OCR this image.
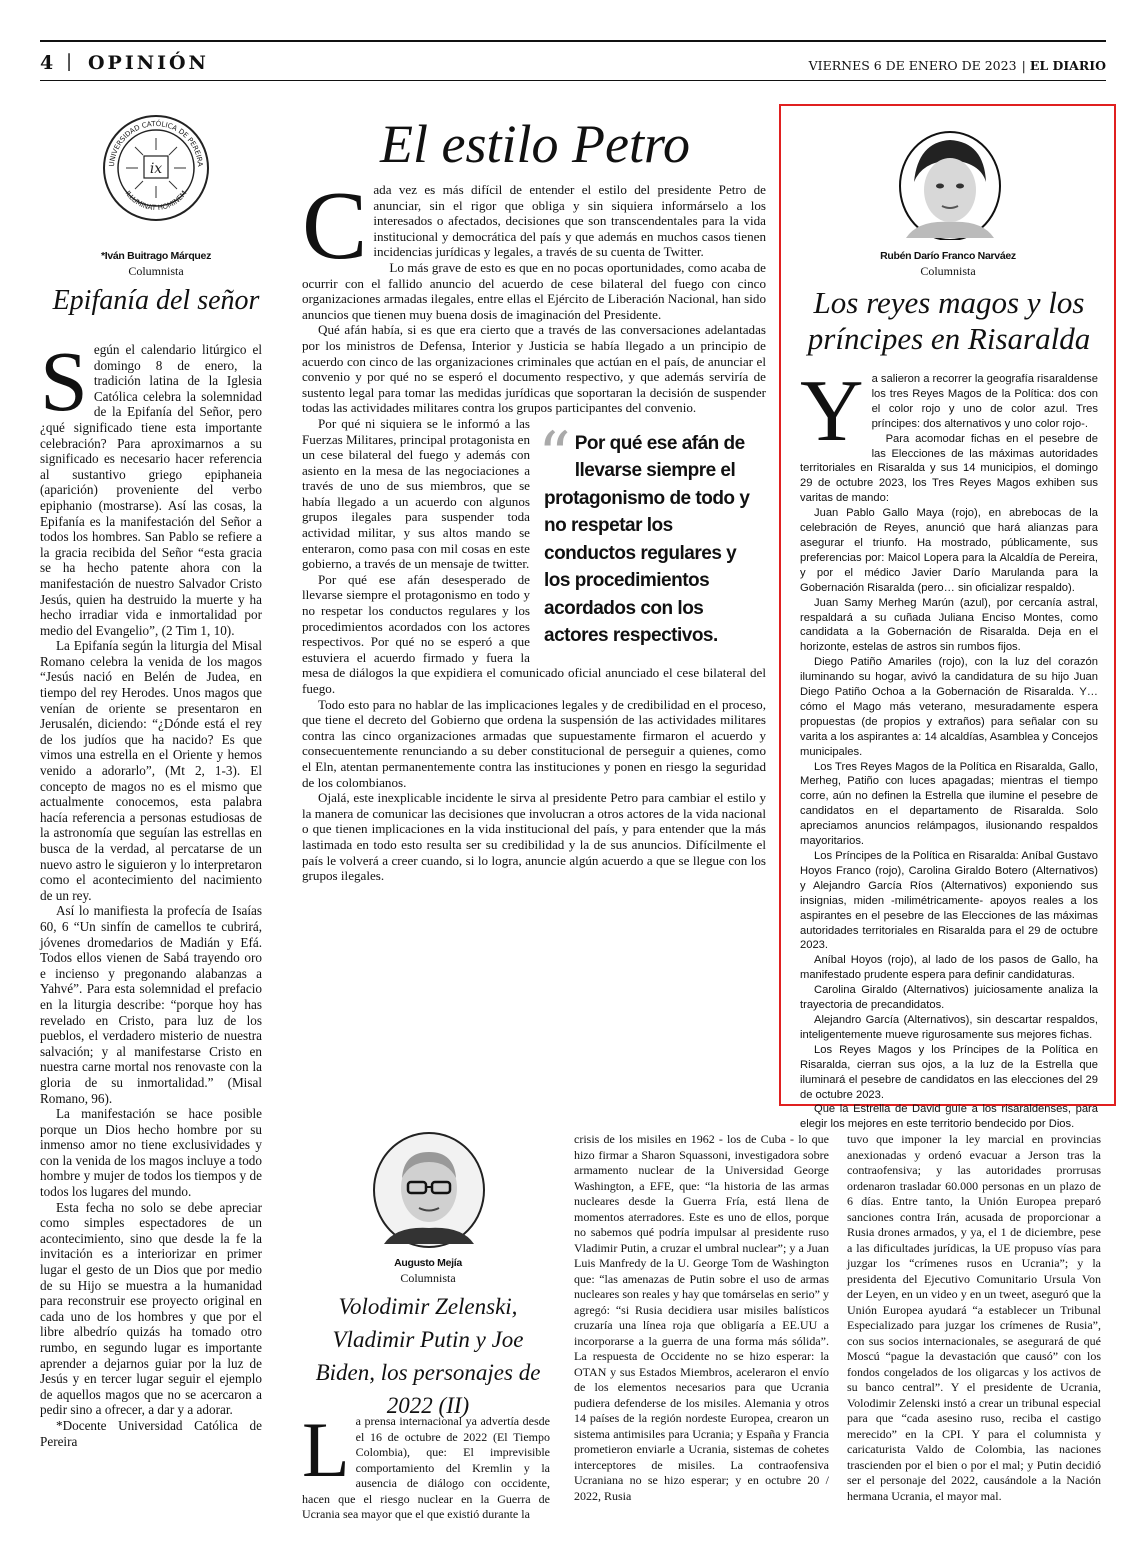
4 | OPINIÓN	VIERNES 6 DE ENERO DE 2023 | EL DIARIO
ix
UNIVERSIDAD CATÓLICA DE PEREIRA
ILLUMINAT HOMINEM
*Iván Buitrago Márquez
Columnista
Epifanía del señor
S egún el calendario litúrgico el domingo 8 de enero, la tradición latina de la Iglesia Católica celebra la solemnidad de la Epifanía del Señor, pero ¿qué significado tiene esta importante celebración? Para aproximarnos a su significado es necesario hacer referencia al sustantivo griego epiphaneia (aparición) proveniente del verbo epiphanio (mostrarse). Así las cosas, la Epifanía es la manifestación del Señor a todos los hombres. San Pablo se refiere a la gracia recibida del Señor “esta gracia se ha hecho patente ahora con la manifestación de nuestro Salvador Cristo Jesús, quien ha destruido la muerte y ha hecho irradiar vida e inmortalidad por medio del Evangelio”, (2 Tim 1, 10).

La Epifanía según la liturgia del Misal Romano celebra la venida de los magos “Jesús nació en Belén de Judea, en tiempo del rey Herodes. Unos magos que venían de oriente se presentaron en Jerusalén, diciendo: “¿Dónde está el rey de los judíos que ha nacido? Es que vimos una estrella en el Oriente y hemos venido a adorarlo”, (Mt 2, 1-3). El concepto de magos no es el mismo que actualmente conocemos, esta palabra hacía referencia a personas estudiosas de la astronomía que seguían las estrellas en busca de la verdad, al percatarse de un nuevo astro le siguieron y lo interpretaron como el acontecimiento del nacimiento de un rey.

Así lo manifiesta la profecía de Isaías 60, 6 “Un sinfín de camellos te cubrirá, jóvenes dromedarios de Madián y Efá. Todos ellos vienen de Sabá trayendo oro e incienso y pregonando alabanzas a Yahvé”. Para esta solemnidad el prefacio en la liturgia describe: “porque hoy has revelado en Cristo, para luz de los pueblos, el verdadero misterio de nuestra salvación; y al manifestarse Cristo en nuestra carne mortal nos renovaste con la gloria de su inmortalidad.” (Misal Romano, 96).

La manifestación se hace posible porque un Dios hecho hombre por su inmenso amor no tiene exclusividades y con la venida de los magos incluye a todo hombre y mujer de todos los tiempos y de todos los lugares del mundo.

Esta fecha no solo se debe apreciar como simples espectadores de un acontecimiento, sino que desde la fe la invitación es a interiorizar en primer lugar el gesto de un Dios que por medio de su Hijo se muestra a la humanidad para reconstruir ese proyecto original en cada uno de los hombres y que por el libre albedrío quizás ha tomado otro rumbo, en segundo lugar es importante aprender a dejarnos guiar por la luz de Jesús y en tercer lugar seguir el ejemplo de aquellos magos que no se acercaron a pedir sino a ofrecer, a dar y a adorar.

*Docente Universidad Católica de Pereira

El estilo Petro
C ada vez es más difícil de entender el estilo del presidente Petro de anunciar, sin el rigor que obliga y sin siquiera informárselo a los interesados o afectados, decisiones que son transcendentales para la vida institucional y democrática del país y que además en muchos casos tienen incidencias jurídicas y legales, a través de su cuenta de Twitter.

Lo más grave de esto es que en no pocas oportunidades, como acaba de ocurrir con el fallido anuncio del acuerdo de cese bilateral del fuego con cinco organizaciones armadas ilegales, entre ellas el Ejército de Liberación Nacional, han sido anuncios que tienen muy buena dosis de imaginación del Presidente.

Qué afán había, si es que era cierto que a través de las conversaciones adelantadas por los ministros de Defensa, Interior y Justicia se había llegado a un principio de acuerdo con cinco de las organizaciones criminales que actúan en el país, de anunciar el convenio y por qué no se esperó el documento respectivo, y que además serviría de sustento legal para tomar las medidas jurídicas que soportaran la decisión de suspender todas las actividades militares contra los grupos participantes del convenio.

“ Por qué ese afán de llevarse siempre el protagonismo de todo y no respetar los conductos regulares y los procedimientos acordados con los actores respectivos.

Por qué ni siquiera se le informó a las Fuerzas Militares, principal protagonista en un cese bilateral del fuego y además con asiento en la mesa de las negociaciones a través de uno de sus miembros, que se había llegado a un acuerdo con algunos grupos ilegales para suspender toda actividad militar, y sus altos mando se enteraron, como pasa con mil cosas en este gobierno, a través de un mensaje de twitter.

Por qué ese afán desesperado de llevarse siempre el protagonismo en todo y no respetar los conductos regulares y los procedimientos acordados con los actores respectivos. Por qué no se esperó a que estuviera el acuerdo firmado y fuera la mesa de diálogos la que expidiera el comunicado oficial anunciado el cese bilateral del fuego.

Todo esto para no hablar de las implicaciones legales y de credibilidad en el proceso, que tiene el decreto del Gobierno que ordena la suspensión de las actividades militares contra las cinco organizaciones armadas que supuestamente firmaron el acuerdo y consecuentemente renunciando a su deber constitucional de perseguir a quienes, como el Eln, atentan permanentemente contra las instituciones y ponen en riesgo la seguridad de los colombianos.

Ojalá, este inexplicable incidente le sirva al presidente Petro para cambiar el estilo y la manera de comunicar las decisiones que involucran a otros actores de la vida nacional o que tienen implicaciones en la vida institucional del país, y para entender que la más lastimada en todo esto resulta ser su credibilidad y la de sus anuncios. Difícilmente el país le volverá a creer cuando, si lo logra, anuncie algún acuerdo a que se llegue con los grupos ilegales.

Rubén Darío Franco Narváez
Columnista
Los reyes magos y los príncipes en Risaralda
Y a salieron a recorrer la geografía risaraldense los tres Reyes Magos de la Política: dos con el color rojo y uno de color azul. Tres príncipes: dos alternativos y uno color rojo-.

Para acomodar fichas en el pesebre de las Elecciones de las máximas autoridades territoriales en Risaralda y sus 14 municipios, el domingo 29 de octubre 2023, los Tres Reyes Magos exhiben sus varitas de mando:

Juan Pablo Gallo Maya (rojo), en abrebocas de la celebración de Reyes, anunció que hará alianzas para asegurar el triunfo. Ha mostrado, públicamente, sus preferencias por: Maicol Lopera para la Alcaldía de Pereira, y por el médico Javier Darío Marulanda para la Gobernación Risaralda (pero… sin oficializar respaldo).

Juan Samy Merheg Marún (azul), por cercanía astral, respaldará a su cuñada Juliana Enciso Montes, como candidata a la Gobernación de Risaralda. Deja en el horizonte, estelas de astros sin rumbos fijos.

Diego Patiño Amariles (rojo), con la luz del corazón iluminando su hogar, avivó la candidatura de su hijo Juan Diego Patiño Ochoa a la Gobernación de Risaralda. Y… cómo el Mago más veterano, mesuradamente espera propuestas (de propios y extraños) para señalar con su varita a los aspirantes a: 14 alcaldías, Asamblea y Concejos municipales.

Los Tres Reyes Magos de la Política en Risaralda, Gallo, Merheg, Patiño con luces apagadas; mientras el tiempo corre, aún no definen la Estrella que ilumine el pesebre de candidatos en el departamento de Risaralda. Solo apreciamos anuncios relámpagos, ilusionando respaldos mayoritarios.

Los Príncipes de la Política en Risaralda: Aníbal Gustavo Hoyos Franco (rojo), Carolina Giraldo Botero (Alternativos) y Alejandro García Ríos (Alternativos) exponiendo sus insignias, miden -milimétricamente- apoyos reales a los aspirantes en el pesebre de las Elecciones de las máximas autoridades territoriales en Risaralda para el 29 de octubre 2023.

Aníbal Hoyos (rojo), al lado de los pasos de Gallo, ha manifestado prudente espera para definir candidaturas.

Carolina Giraldo (Alternativos) juiciosamente analiza la trayectoria de precandidatos.

Alejandro García (Alternativos), sin descartar respaldos, inteligentemente mueve rigurosamente sus mejores fichas.

Los Reyes Magos y los Príncipes de la Política en Risaralda, cierran sus ojos, a la luz de la Estrella que iluminará el pesebre de candidatos en las elecciones del 29 de octubre 2023.

Que la Estrella de David guíe a los risaraldenses, para elegir los mejores en este territorio bendecido por Dios.

Augusto Mejía
Columnista
Volodimir Zelenski, Vladimir Putin y Joe Biden, los personajes de 2022 (II)
L a prensa internacional ya advertía desde el 16 de octubre de 2022 (El Tiempo Colombia), que: El imprevisible comportamiento del Kremlin y la ausencia de diálogo con occidente, hacen que el riesgo nuclear en la Guerra de Ucrania sea mayor que el que existió durante la

crisis de los misiles en 1962 - los de Cuba - lo que hizo firmar a Sharon Squassoni, investigadora sobre armamento nuclear de la Universidad George Washington, a EFE, que: “la historia de las armas nucleares desde la Guerra Fría, está llena de momentos aterradores. Este es uno de ellos, porque no sabemos qué podría impulsar al presidente ruso Vladimir Putin, a cruzar el umbral nuclear”; y a Juan Luis Manfredy de la U. George Tom de Washington que: “las amenazas de Putin sobre el uso de armas nucleares son reales y hay que tomárselas en serio” y agregó: “si Rusia decidiera usar misiles balísticos cruzaría una línea roja que obligaría a EE.UU a incorporarse a la guerra de una forma más sólida”. La respuesta de Occidente no se hizo esperar: la OTAN y sus Estados Miembros, aceleraron el envío de los elementos necesarios para que Ucrania pudiera defenderse de los misiles. Alemania y otros 14 países de la región nordeste Europea, crearon un sistema antimisiles para Ucrania; y España y Francia prometieron enviarle a Ucrania, sistemas de cohetes interceptores de misiles. La contraofensiva Ucraniana no se hizo esperar; y en octubre 20 / 2022, Rusia

tuvo que imponer la ley marcial en provincias anexionadas y ordenó evacuar a Jerson tras la contraofensiva; y las autoridades prorrusas ordenaron trasladar 60.000 personas en un plazo de 6 días. Entre tanto, la Unión Europea preparó sanciones contra Irán, acusada de proporcionar a Rusia drones armados, y ya, el 1 de diciembre, pese a las dificultades jurídicas, la UE propuso vías para juzgar los “crímenes rusos en Ucrania”; y la presidenta del Ejecutivo Comunitario Ursula Von der Leyen, en un video y en un tweet, aseguró que la Unión Europea ayudará “a establecer un Tribunal Especializado para juzgar los crímenes de Rusia”, con sus socios internacionales, se asegurará de qué Moscú “pague la devastación que causó” con los fondos congelados de los oligarcas y los activos de su banco central”. Y el presidente de Ucrania, Volodimir Zelenski instó a crear un tribunal especial para que “cada asesino ruso, reciba el castigo merecido” en la CPI. Y para el columnista y caricaturista Valdo de Colombia, las naciones trascienden por el bien o por el mal; y Putin decidió ser el personaje del 2022, causándole a la Nación hermana Ucrania, el mayor mal.
